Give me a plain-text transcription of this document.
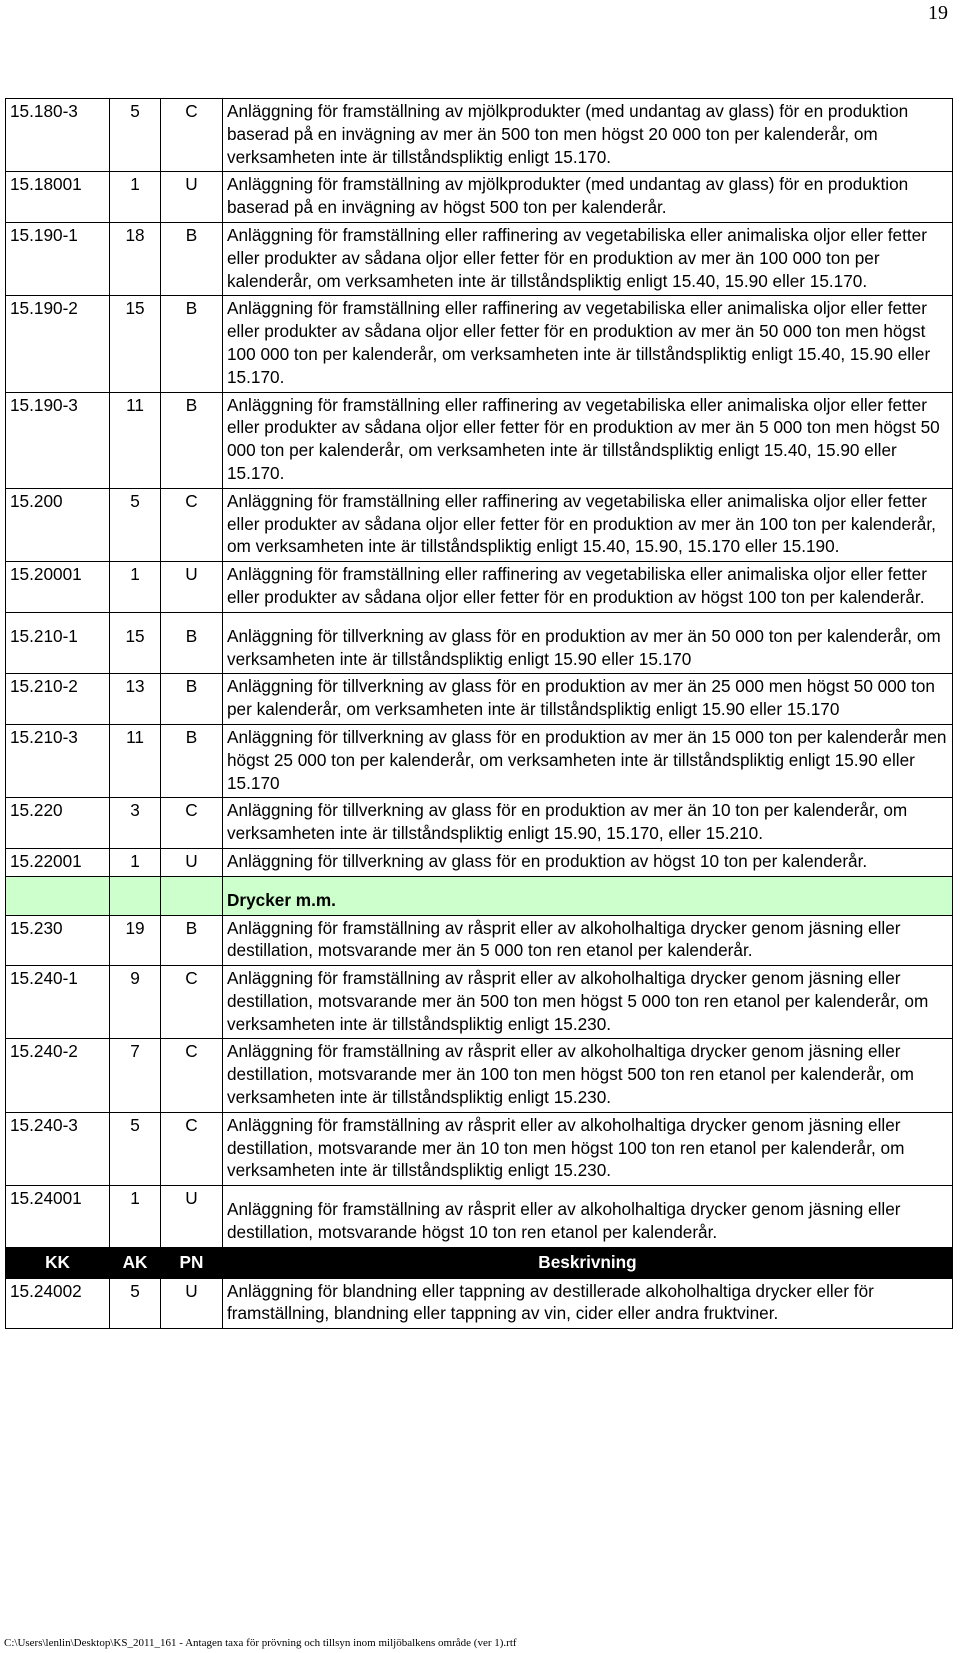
19
15.180-3	5	C	Anläggning för framställning av mjölkprodukter (med undantag av glass) för en produktion baserad på en invägning av mer än 500 ton men högst 20 000 ton per kalenderår, om verksamheten inte är tillståndspliktig enligt 15.170.
15.18001	1	U	Anläggning för framställning av mjölkprodukter (med undantag av glass) för en produktion baserad på en invägning av högst 500 ton per kalenderår.
15.190-1	18	B	Anläggning för framställning eller raffinering av vegetabiliska eller animaliska oljor eller fetter eller produkter av sådana oljor eller fetter för en produktion av mer än 100 000 ton per kalenderår, om verksamheten inte är tillståndspliktig enligt 15.40, 15.90 eller 15.170.
15.190-2	15	B	Anläggning för framställning eller raffinering av vegetabiliska eller animaliska oljor eller fetter eller produkter av sådana oljor eller fetter för en produktion av mer än 50 000 ton men högst 100 000 ton per kalenderår, om verksamheten inte är tillståndspliktig enligt 15.40, 15.90 eller 15.170.
15.190-3	11	B	Anläggning för framställning eller raffinering av vegetabiliska eller animaliska oljor eller fetter eller produkter av sådana oljor eller fetter för en produktion av mer än 5 000 ton men högst 50 000 ton per kalenderår, om verksamheten inte är tillståndspliktig enligt 15.40, 15.90 eller 15.170.
15.200	5	C	Anläggning för framställning eller raffinering av vegetabiliska eller animaliska oljor eller fetter eller produkter av sådana oljor eller fetter för en produktion av mer än 100 ton per kalenderår, om verksamheten inte är tillståndspliktig enligt 15.40, 15.90, 15.170 eller 15.190.
15.20001	1	U	Anläggning för framställning eller raffinering av vegetabiliska eller animaliska oljor eller fetter eller produkter av sådana oljor eller fetter för en produktion av högst 100 ton per kalenderår.
15.210-1	15	B	Anläggning för tillverkning av glass för en produktion av mer än 50 000 ton per kalenderår, om verksamheten inte är tillståndspliktig enligt 15.90 eller 15.170
15.210-2	13	B	Anläggning för tillverkning av glass för en produktion av mer än 25 000 men högst 50 000 ton per kalenderår, om verksamheten inte är tillståndspliktig enligt 15.90 eller 15.170
15.210-3	11	B	Anläggning för tillverkning av glass för en produktion av mer än 15 000 ton per kalenderår men högst 25 000 ton per kalenderår, om verksamheten inte är tillståndspliktig enligt 15.90 eller 15.170
15.220	3	C	Anläggning för tillverkning av glass för en produktion av mer än 10 ton per kalenderår, om verksamheten inte är tillståndspliktig enligt 15.90, 15.170, eller 15.210.
15.22001	1	U	Anläggning för tillverkning av glass för en produktion av högst 10 ton per kalenderår.
			Drycker m.m.
15.230	19	B	Anläggning för framställning av råsprit eller av alkoholhaltiga drycker genom jäsning eller destillation, motsvarande mer än 5 000 ton ren etanol per kalenderår.
15.240-1	9	C	Anläggning för framställning av råsprit eller av alkoholhaltiga drycker genom jäsning eller destillation, motsvarande mer än 500 ton men högst 5 000 ton ren etanol per kalenderår, om verksamheten inte är tillståndspliktig enligt 15.230.
15.240-2	7	C	Anläggning för framställning av råsprit eller av alkoholhaltiga drycker genom jäsning eller destillation, motsvarande mer än 100 ton men högst 500 ton ren etanol per kalenderår, om verksamheten inte är tillståndspliktig enligt 15.230.
15.240-3	5	C	Anläggning för framställning av råsprit eller av alkoholhaltiga drycker genom jäsning eller destillation, motsvarande mer än 10 ton men högst 100 ton ren etanol per kalenderår, om verksamheten inte är tillståndspliktig enligt 15.230.
15.24001	1	U	Anläggning för framställning av råsprit eller av alkoholhaltiga drycker genom jäsning eller destillation, motsvarande högst 10 ton ren etanol per kalenderår.
KK	AK	PN	Beskrivning
15.24002	5	U	Anläggning för blandning eller tappning av destillerade alkoholhaltiga drycker eller för framställning, blandning eller tappning av vin, cider eller andra fruktviner.
C:\Users\lenlin\Desktop\KS_2011_161 - Antagen taxa för prövning och tillsyn inom miljöbalkens område (ver 1).rtf
